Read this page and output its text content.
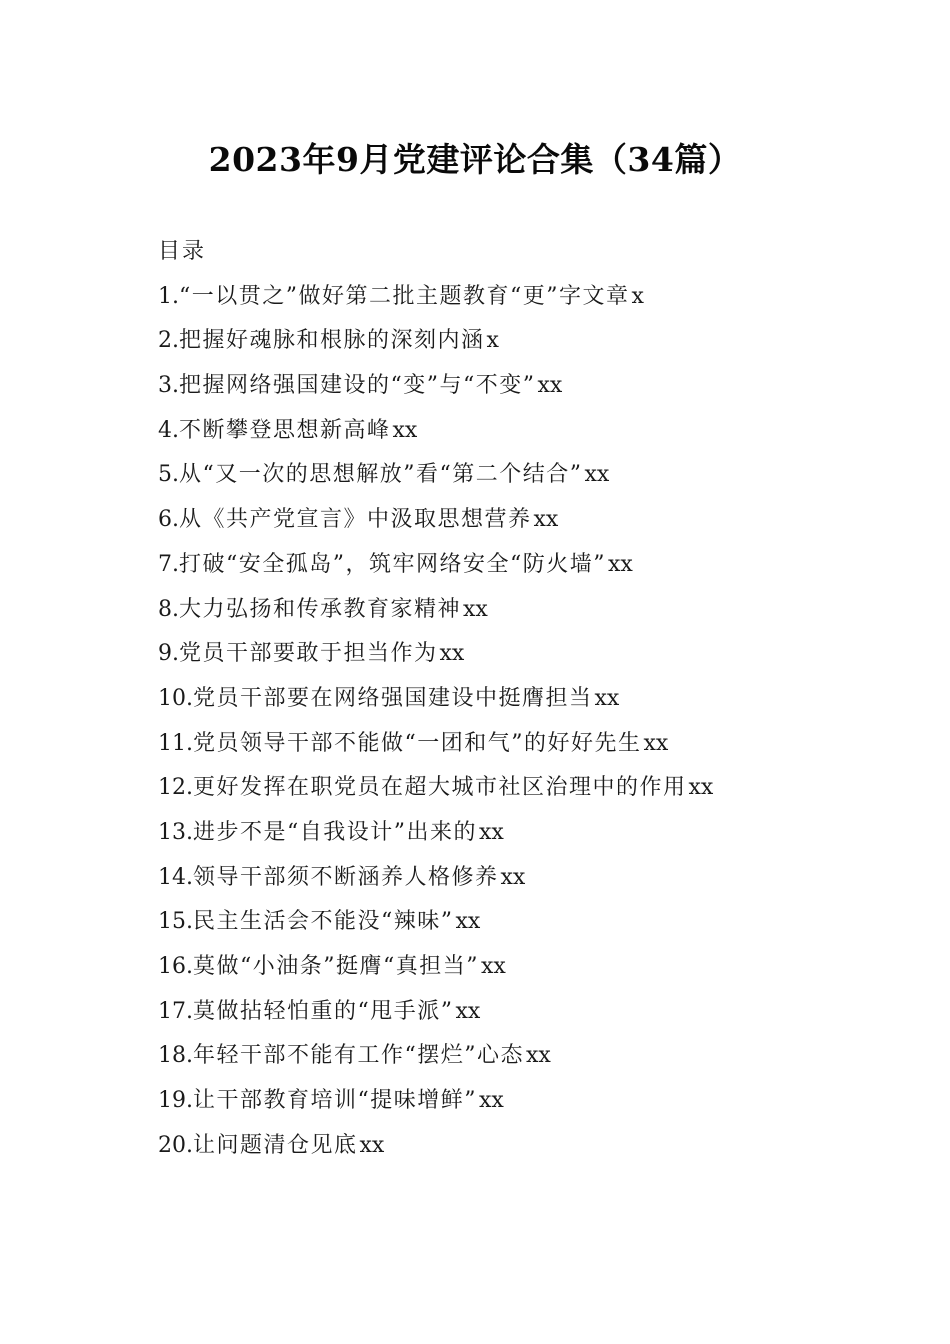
2023年9月党建评论合集（34篇）
目录
1.“一以贯之”做好第二批主题教育“更”字文章x
2.把握好魂脉和根脉的深刻内涵x
3.把握网络强国建设的“变”与“不变”xx
4.不断攀登思想新高峰xx
5.从“又一次的思想解放”看“第二个结合”xx
6.从《共产党宣言》中汲取思想营养xx
7.打破“安全孤岛”，筑牢网络安全“防火墙”xx
8.大力弘扬和传承教育家精神xx
9.党员干部要敢于担当作为xx
10.党员干部要在网络强国建设中挺膺担当xx
11.党员领导干部不能做“一团和气”的好好先生xx
12.更好发挥在职党员在超大城市社区治理中的作用xx
13.进步不是“自我设计”出来的xx
14.领导干部须不断涵养人格修养xx
15.民主生活会不能没“辣味”xx
16.莫做“小油条”挺膺“真担当”xx
17.莫做拈轻怕重的“甩手派”xx
18.年轻干部不能有工作“摆烂”心态xx
19.让干部教育培训“提味增鲜”xx
20.让问题清仓见底xx
